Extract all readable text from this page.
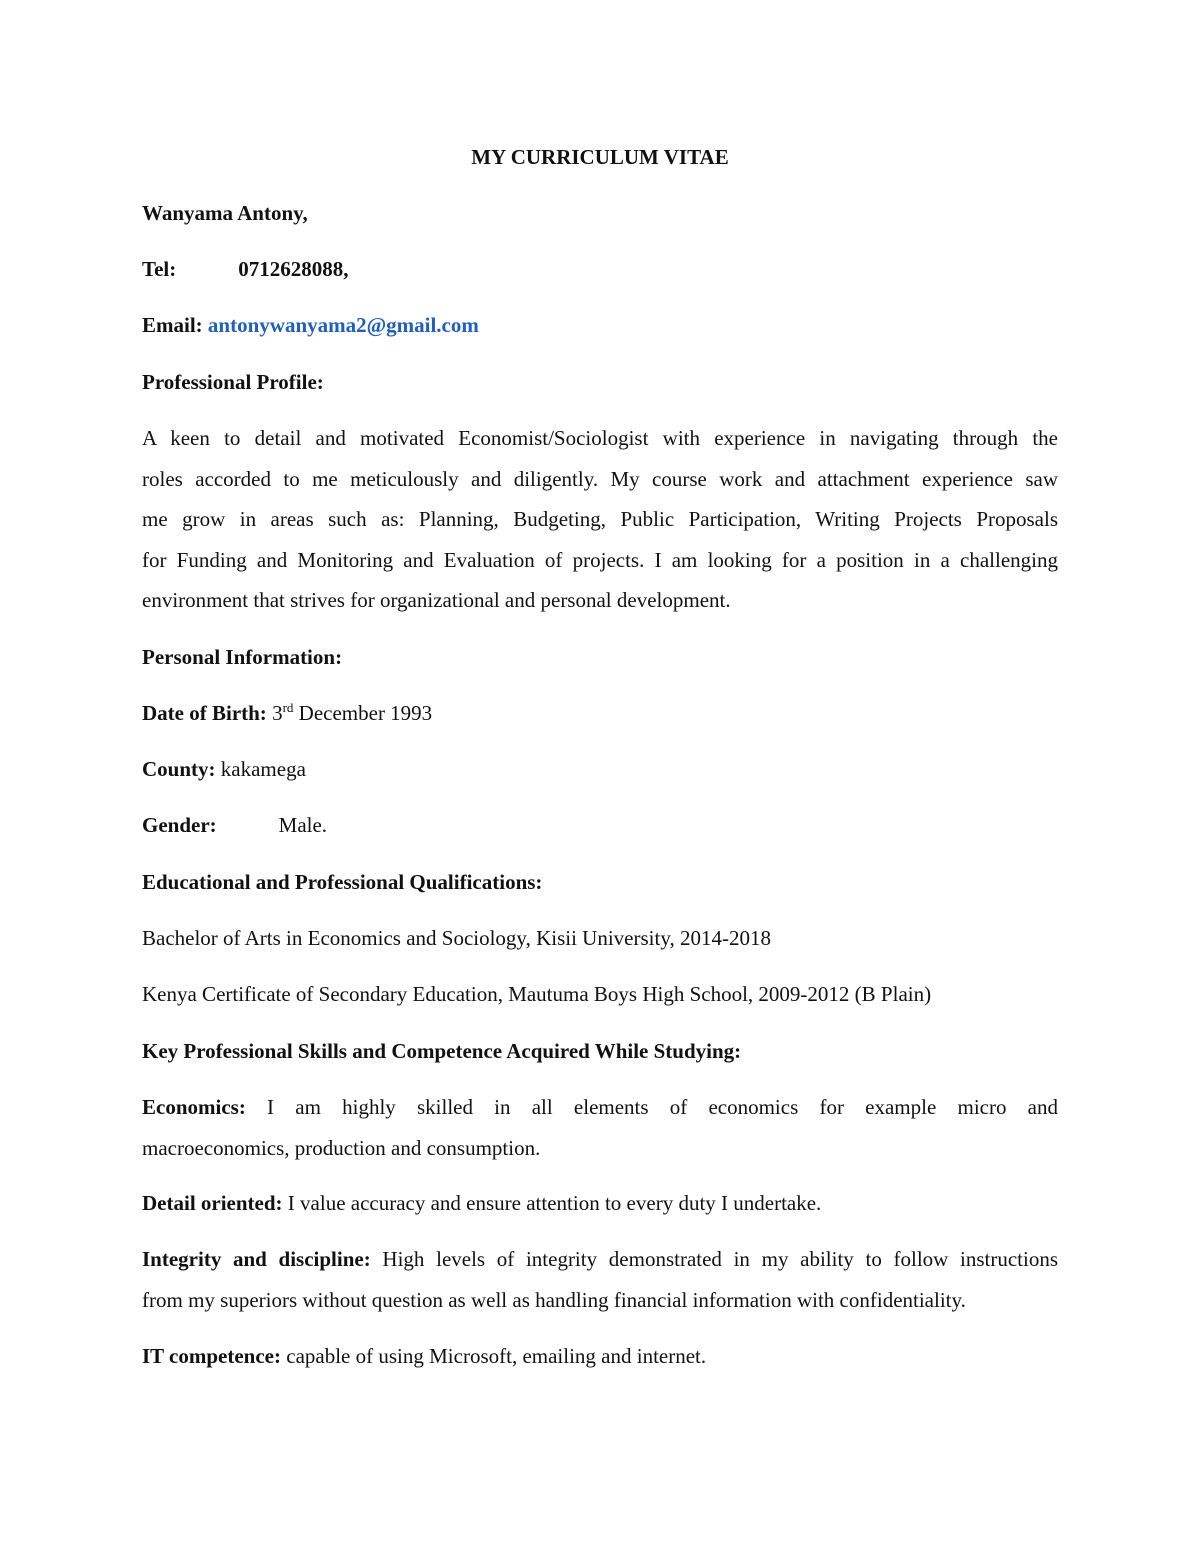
MY CURRICULUM VITAE
Wanyama Antony,
Tel:	0712628088,
Email: antonywanyama2@gmail.com
Professional Profile:
A keen to detail and motivated Economist/Sociologist with experience in navigating through the
roles accorded to me meticulously and diligently. My course work and attachment experience saw
me grow in areas such as: Planning, Budgeting, Public Participation, Writing Projects Proposals
for Funding and Monitoring and Evaluation of projects. I am looking for a position in a challenging
environment that strives for organizational and personal development.
Personal Information:
Date of Birth: 3rd December 1993
County: kakamega
Gender:	Male.
Educational and Professional Qualifications:
Bachelor of Arts in Economics and Sociology, Kisii University, 2014-2018
Kenya Certificate of Secondary Education, Mautuma Boys High School, 2009-2012 (B Plain)
Key Professional Skills and Competence Acquired While Studying:
Economics: I am highly skilled in all elements of economics for example micro and
macroeconomics, production and consumption.
Detail oriented: I value accuracy and ensure attention to every duty I undertake.
Integrity and discipline: High levels of integrity demonstrated in my ability to follow instructions
from my superiors without question as well as handling financial information with confidentiality.
IT competence: capable of using Microsoft, emailing and internet.
